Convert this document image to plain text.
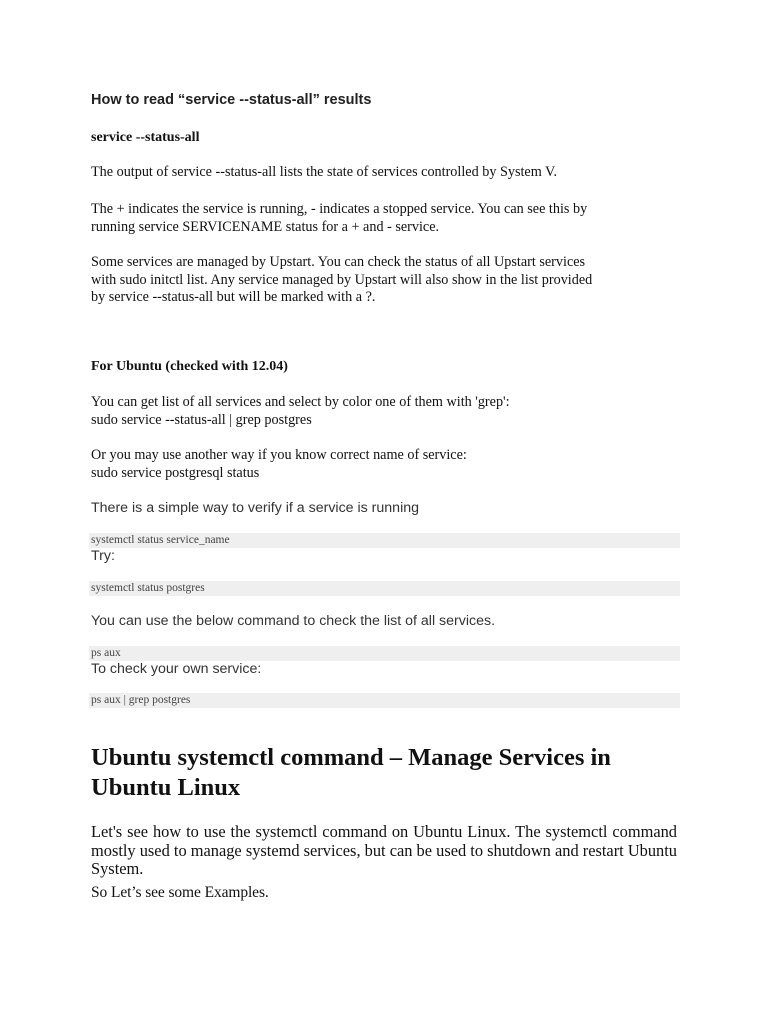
How to read “service --status-all” results
service --status-all
The output of service --status-all lists the state of services controlled by System V.
The + indicates the service is running, - indicates a stopped service. You can see this by
running service SERVICENAME status for a + and - service.
Some services are managed by Upstart. You can check the status of all Upstart services
with sudo initctl list. Any service managed by Upstart will also show in the list provided
by service --status-all but will be marked with a ?.
For Ubuntu (checked with 12.04)
You can get list of all services and select by color one of them with 'grep':
sudo service --status-all | grep postgres
Or you may use another way if you know correct name of service:
sudo service postgresql status
There is a simple way to verify if a service is running
systemctl status service_name
Try:
systemctl status postgres
You can use the below command to check the list of all services.
ps aux
To check your own service:
ps aux | grep postgres
Ubuntu systemctl command – Manage Services in Ubuntu Linux
Let's see how to use the systemctl command on Ubuntu Linux. The systemctl command mostly used to manage systemd services, but can be used to shutdown and restart Ubuntu System.
So Let’s see some Examples.
